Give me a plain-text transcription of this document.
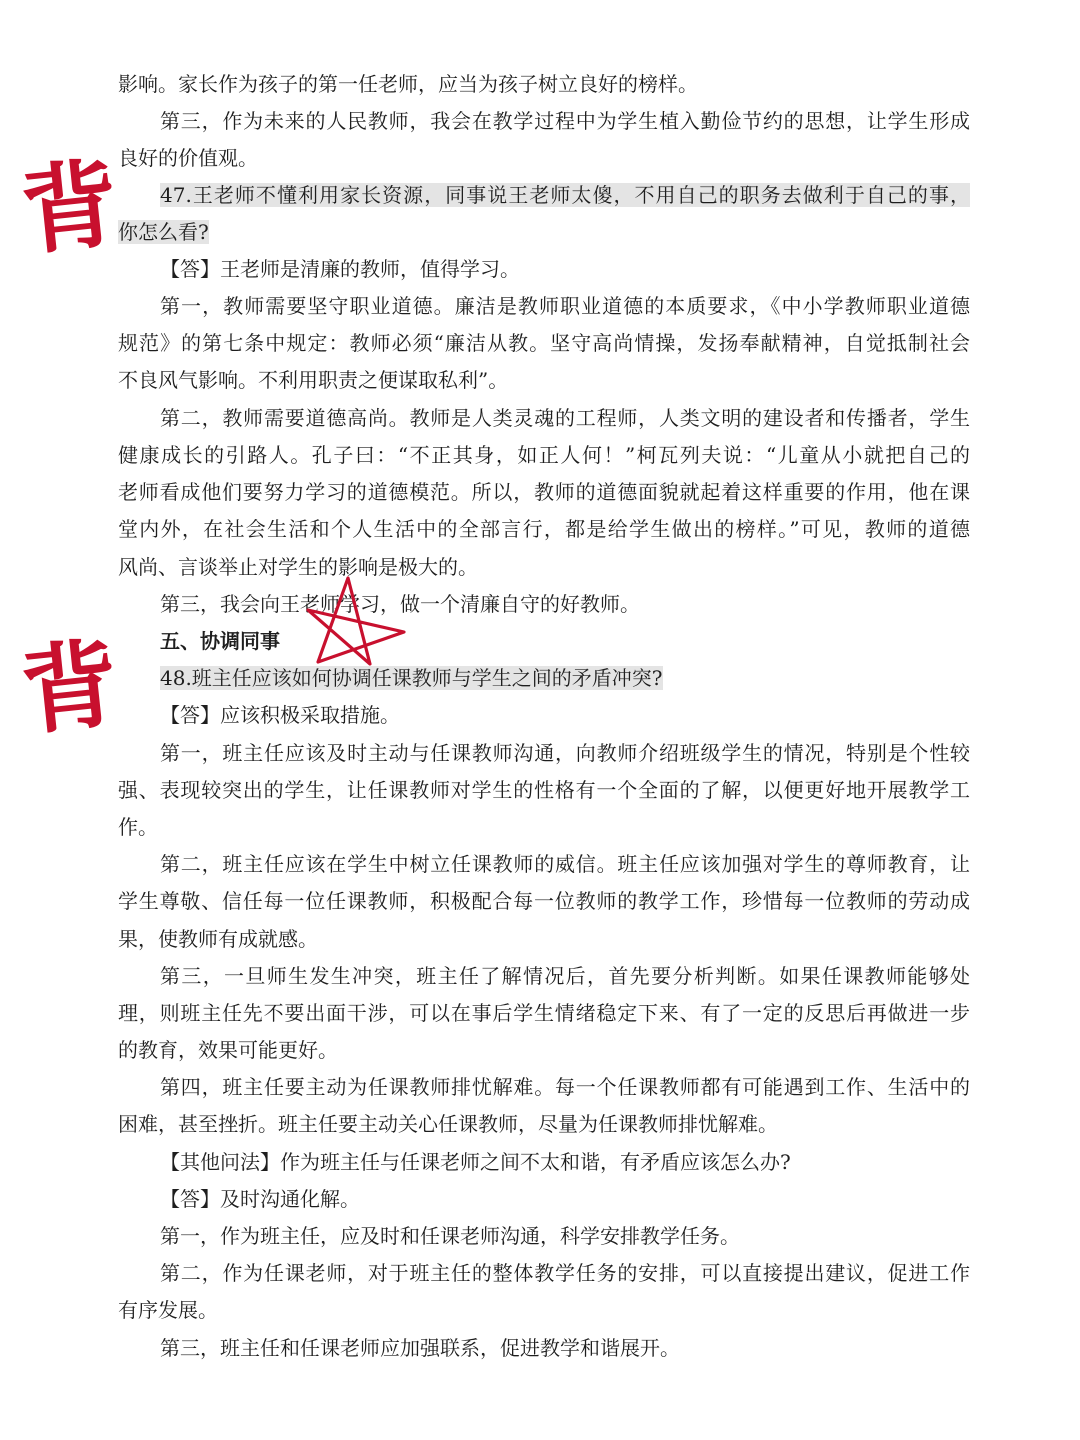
影响。家长作为孩子的第一任老师，应当为孩子树立良好的榜样。
第三，作为未来的人民教师，我会在教学过程中为学生植入勤俭节约的思想，让学生形成
良好的价值观。
47.王老师不懂利用家长资源，同事说王老师太傻，不用自己的职务去做利于自己的事，
你怎么看?
【答】王老师是清廉的教师，值得学习。
第一，教师需要坚守职业道德。廉洁是教师职业道德的本质要求，《中小学教师职业道德
规范》的第七条中规定：教师必须“廉洁从教。坚守高尚情操，发扬奉献精神，自觉抵制社会
不良风气影响。不利用职责之便谋取私利”。
第二，教师需要道德高尚。教师是人类灵魂的工程师，人类文明的建设者和传播者，学生
健康成长的引路人。孔子曰：“不正其身，如正人何！”柯瓦列夫说：“儿童从小就把自己的
老师看成他们要努力学习的道德模范。所以，教师的道德面貌就起着这样重要的作用，他在课
堂内外，在社会生活和个人生活中的全部言行，都是给学生做出的榜样。”可见，教师的道德
风尚、言谈举止对学生的影响是极大的。
第三，我会向王老师学习，做一个清廉自守的好教师。
五、协调同事
48.班主任应该如何协调任课教师与学生之间的矛盾冲突?
【答】应该积极采取措施。
第一，班主任应该及时主动与任课教师沟通，向教师介绍班级学生的情况，特别是个性较
强、表现较突出的学生，让任课教师对学生的性格有一个全面的了解，以便更好地开展教学工
作。
第二，班主任应该在学生中树立任课教师的威信。班主任应该加强对学生的尊师教育，让
学生尊敬、信任每一位任课教师，积极配合每一位教师的教学工作，珍惜每一位教师的劳动成
果，使教师有成就感。
第三，一旦师生发生冲突，班主任了解情况后，首先要分析判断。如果任课教师能够处
理，则班主任先不要出面干涉，可以在事后学生情绪稳定下来、有了一定的反思后再做进一步
的教育，效果可能更好。
第四，班主任要主动为任课教师排忧解难。每一个任课教师都有可能遇到工作、生活中的
困难，甚至挫折。班主任要主动关心任课教师，尽量为任课教师排忧解难。
【其他问法】作为班主任与任课老师之间不太和谐，有矛盾应该怎么办?
【答】及时沟通化解。
第一，作为班主任，应及时和任课老师沟通，科学安排教学任务。
第二，作为任课老师，对于班主任的整体教学任务的安排，可以直接提出建议，促进工作
有序发展。
第三，班主任和任课老师应加强联系，促进教学和谐展开。
背
背
